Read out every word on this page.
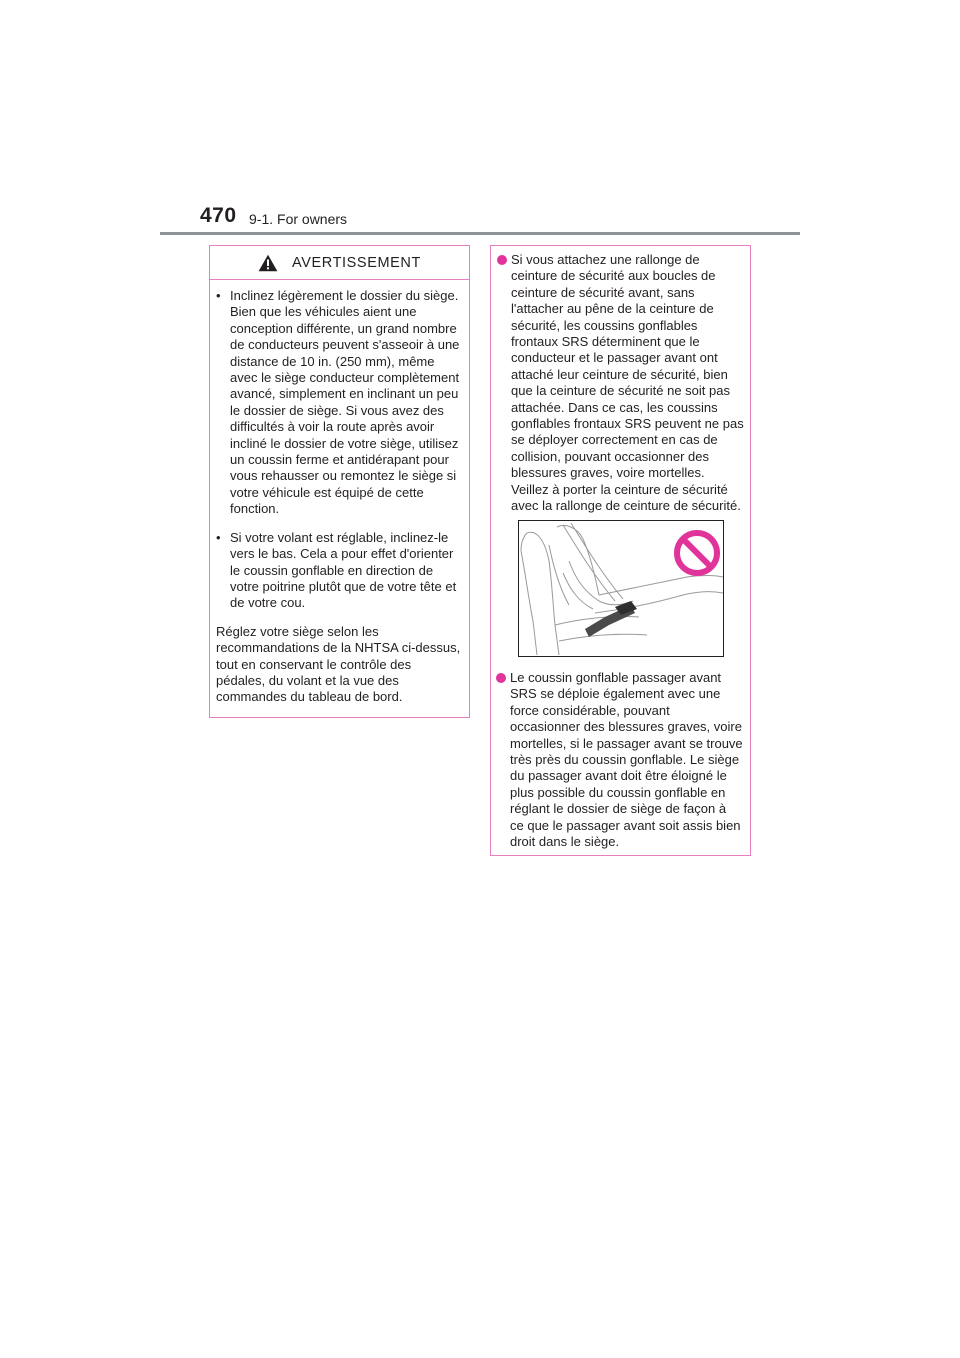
470 9-1. For owners
AVERTISSEMENT
• Inclinez légèrement le dossier du siège.
Bien que les véhicules aient une conception différente, un grand nombre de conducteurs peuvent s'asseoir à une distance de 10 in. (250 mm), même avec le siège conducteur complètement avancé, simplement en inclinant un peu le dossier de siège. Si vous avez des difficultés à voir la route après avoir incliné le dossier de votre siège, utilisez un coussin ferme et antidérapant pour vous rehausser ou remontez le siège si votre véhicule est équipé de cette fonction.
• Si votre volant est réglable, inclinez-le vers le bas. Cela a pour effet d'orienter le coussin gonflable en direction de votre poitrine plutôt que de votre tête et de votre cou.
Réglez votre siège selon les recommandations de la NHTSA ci-dessus, tout en conservant le contrôle des pédales, du volant et la vue des commandes du tableau de bord.
Si vous attachez une rallonge de ceinture de sécurité aux boucles de ceinture de sécurité avant, sans l'attacher au pêne de la ceinture de sécurité, les coussins gonflables frontaux SRS déterminent que le conducteur et le passager avant ont attaché leur ceinture de sécurité, bien que la ceinture de sécurité ne soit pas attachée. Dans ce cas, les coussins gonflables frontaux SRS peuvent ne pas se déployer correctement en cas de collision, pouvant occasionner des blessures graves, voire mortelles. Veillez à porter la ceinture de sécurité avec la rallonge de ceinture de sécurité.
Le coussin gonflable passager avant SRS se déploie également avec une force considérable, pouvant occasionner des blessures graves, voire mortelles, si le passager avant se trouve très près du coussin gonflable. Le siège du passager avant doit être éloigné le plus possible du coussin gonflable en réglant le dossier de siège de façon à ce que le passager avant soit assis bien droit dans le siège.
